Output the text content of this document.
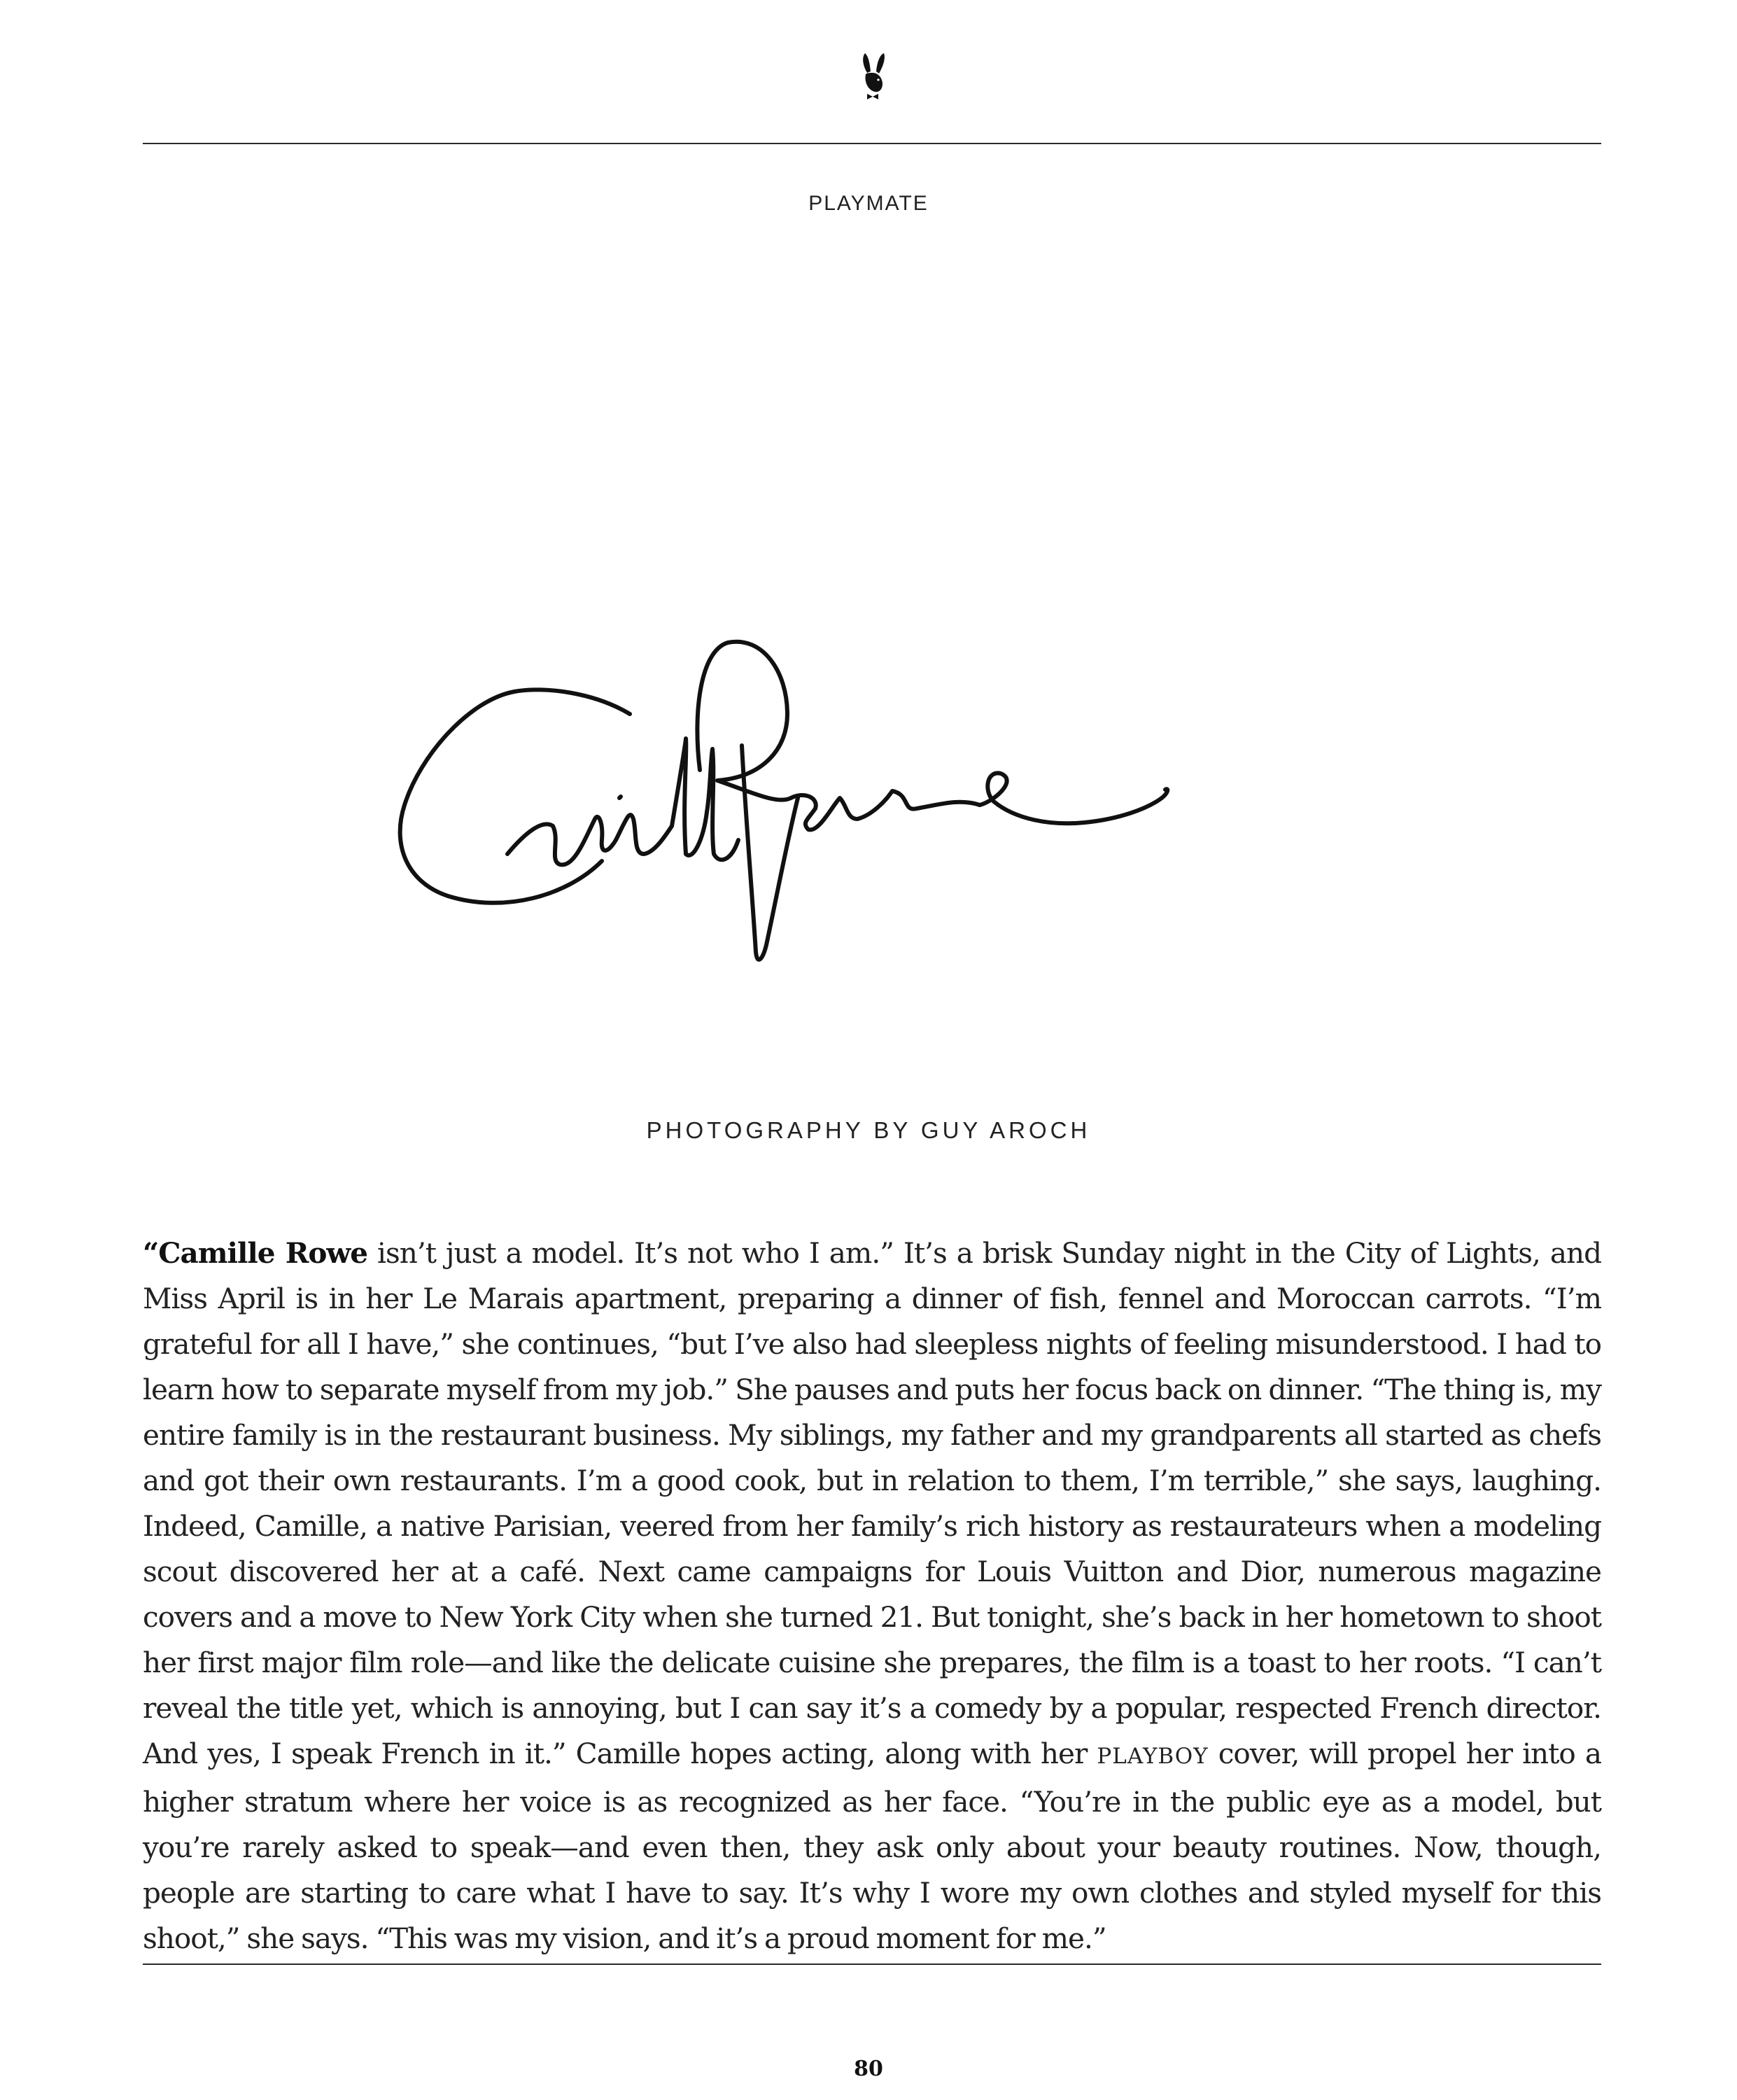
PLAYMATE
PHOTOGRAPHY BY GUY AROCH

“Camille Rowe isn’t just a model. It’s not who I am.” It’s a brisk Sunday night in the City of Lights, and Miss April is in her Le Marais apartment, preparing a dinner of fish, fennel and Moroccan carrots. “I’m grateful for all I have,” she continues, “but I’ve also had sleepless nights of feeling misunderstood. I had to learn how to separate myself from my job.” She pauses and puts her focus back on dinner. “The thing is, my entire family is in the restaurant business. My siblings, my father and my grandparents all started as chefs and got their own restaurants. I’m a good cook, but in relation to them, I’m terrible,” she says, laughing. Indeed, Camille, a native Parisian, veered from her family’s rich history as restaurateurs when a modeling scout discovered her at a café. Next came campaigns for Louis Vuitton and Dior, numerous magazine covers and a move to New York City when she turned 21. But tonight, she’s back in her hometown to shoot her first major film role—and like the delicate cuisine she prepares, the film is a toast to her roots. “I can’t reveal the title yet, which is annoying, but I can say it’s a comedy by a popular, respected French director. And yes, I speak French in it.” Camille hopes acting, along with her PLAYBOY cover, will propel her into a higher stratum where her voice is as recognized as her face. “You’re in the public eye as a model, but you’re rarely asked to speak—and even then, they ask only about your beauty routines. Now, though, people are starting to care what I have to say. It’s why I wore my own clothes and styled myself for this shoot,” she says. “This was my vision, and it’s a proud moment for me.”

80
